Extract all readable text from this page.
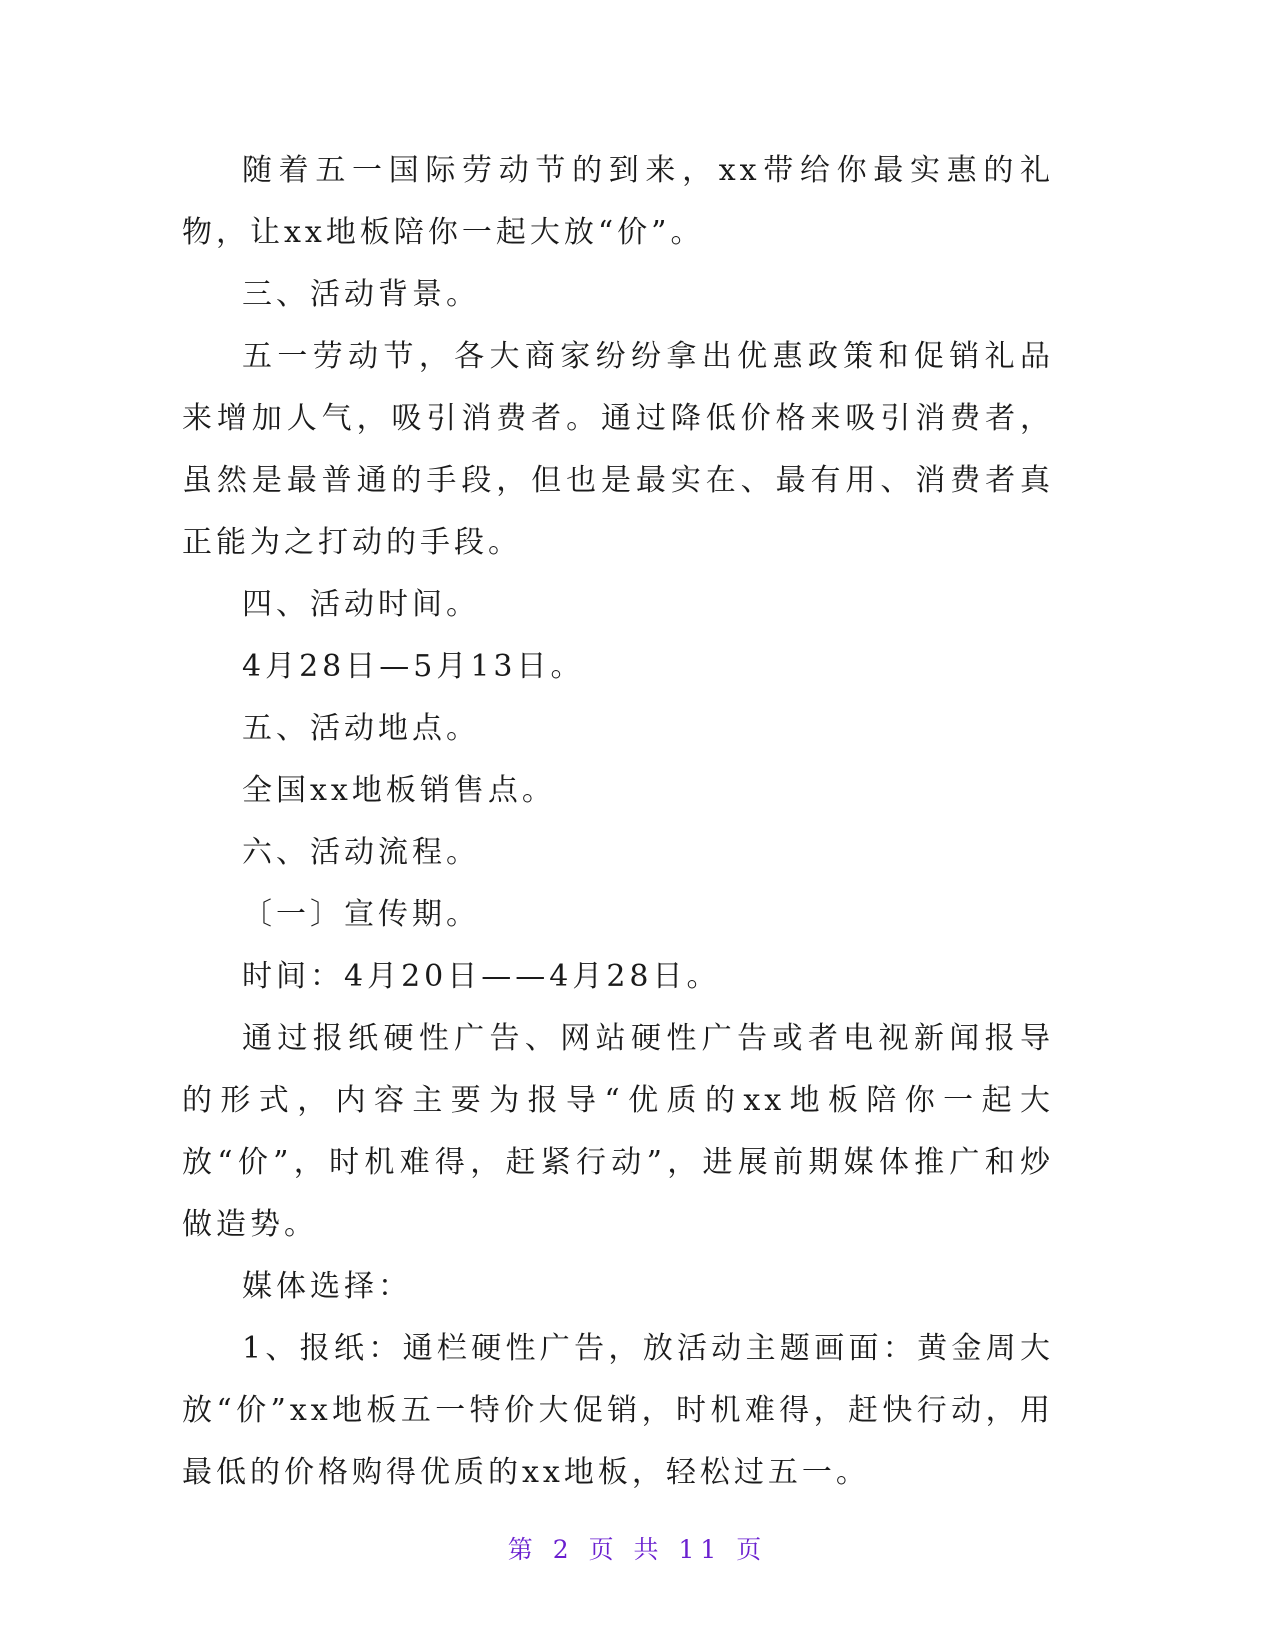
随着五一国际劳动节的到来，xx带给你最实惠的礼物，让xx地板陪你一起大放“价”。

三、活动背景。

五一劳动节，各大商家纷纷拿出优惠政策和促销礼品来增加人气，吸引消费者。通过降低价格来吸引消费者，虽然是最普通的手段，但也是最实在、最有用、消费者真正能为之打动的手段。

四、活动时间。

4月28日—5月13日。

五、活动地点。

全国xx地板销售点。

六、活动流程。

〔一〕宣传期。

时间：4月20日——4月28日。

通过报纸硬性广告、网站硬性广告或者电视新闻报导的形式，内容主要为报导“优质的xx地板陪你一起大放“价”，时机难得，赶紧行动”，进展前期媒体推广和炒做造势。

媒体选择：

1、报纸：通栏硬性广告，放活动主题画面：黄金周大放“价”xx地板五一特价大促销，时机难得，赶快行动，用最低的价格购得优质的xx地板，轻松过五一。

第 2 页 共 11 页
